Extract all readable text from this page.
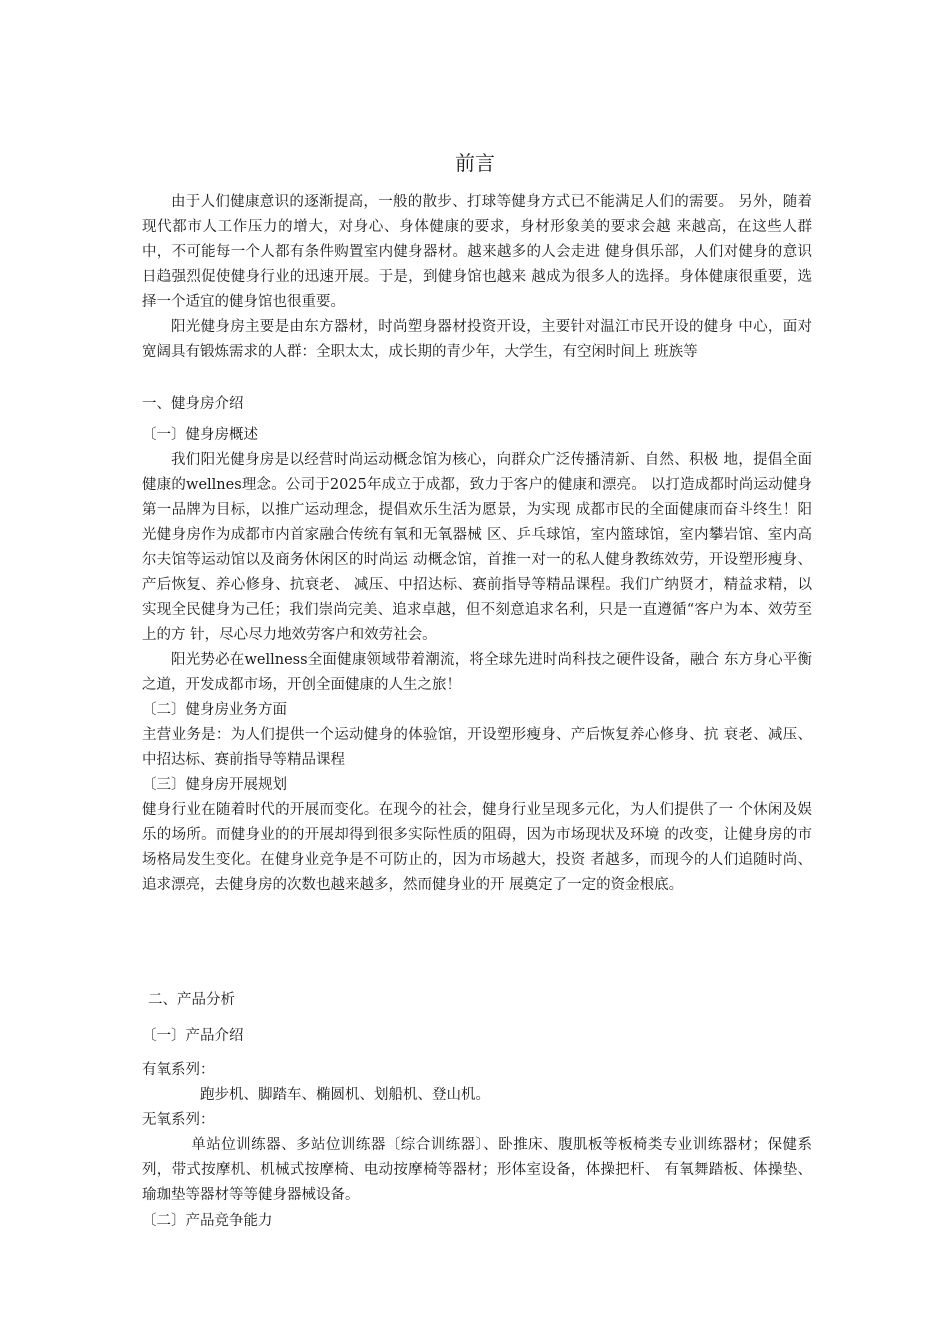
前言

由于人们健康意识的逐渐提高，一般的散步、打球等健身方式已不能满足人们的需要。 另外，随着现代都市人工作压力的增大，对身心、身体健康的要求，身材形象美的要求会越 来越高，在这些人群中，不可能每一个人都有条件购置室内健身器材。越来越多的人会走进 健身俱乐部，人们对健身的意识日趋强烈促使健身行业的迅速开展。于是，到健身馆也越来 越成为很多人的选择。身体健康很重要，选择一个适宜的健身馆也很重要。

阳光健身房主要是由东方器材，时尚塑身器材投资开设，主要针对温江市民开设的健身 中心，面对宽阔具有锻炼需求的人群：全职太太，成长期的青少年，大学生，有空闲时间上 班族等

一、健身房介绍

〔一〕健身房概述

我们阳光健身房是以经营时尚运动概念馆为核心，向群众广泛传播清新、自然、积极 地，提倡全面健康的wellnes理念。公司于2025年成立于成都，致力于客户的健康和漂亮。 以打造成都时尚运动健身第一品牌为目标，以推广运动理念，提倡欢乐生活为愿景，为实现 成都市民的全面健康而奋斗终生！阳光健身房作为成都市内首家融合传统有氧和无氧器械 区、乒乓球馆，室内篮球馆，室内攀岩馆、室内高尔夫馆等运动馆以及商务休闲区的时尚运 动概念馆，首推一对一的私人健身教练效劳，开设塑形瘦身、产后恢复、养心修身、抗衰老、 减压、中招达标、赛前指导等精品课程。我们广纳贤才，精益求精，以实现全民健身为己任；我们崇尚完美、追求卓越，但不刻意追求名利，只是一直遵循“客户为本、效劳至上的方 针，尽心尽力地效劳客户和效劳社会。

阳光势必在wellness全面健康领域带着潮流，将全球先进时尚科技之硬件设备，融合 东方身心平衡之道，开发成都市场，开创全面健康的人生之旅！

〔二〕健身房业务方面

主营业务是：为人们提供一个运动健身的体验馆，开设塑形瘦身、产后恢复养心修身、抗 衰老、减压、中招达标、赛前指导等精品课程

〔三〕健身房开展规划

健身行业在随着时代的开展而变化。在现今的社会，健身行业呈现多元化，为人们提供了一 个休闲及娱乐的场所。而健身业的的开展却得到很多实际性质的阻碍，因为市场现状及环境 的改变，让健身房的市场格局发生变化。在健身业竞争是不可防止的，因为市场越大，投资 者越多，而现今的人们追随时尚、追求漂亮，去健身房的次数也越来越多，然而健身业的开 展奠定了一定的资金根底。

二、产品分析

〔一〕产品介绍

有氧系列：

跑步机、脚踏车、椭圆机、划船机、登山机。

无氧系列：

单站位训练器、多站位训练器〔综合训练器〕、卧推床、腹肌板等板椅类专业训练器材；保健系列，带式按摩机、机械式按摩椅、电动按摩椅等器材；形体室设备，体操把杆、 有氧舞踏板、体操垫、瑜珈垫等器材等等健身器械设备。

〔二〕产品竞争能力
